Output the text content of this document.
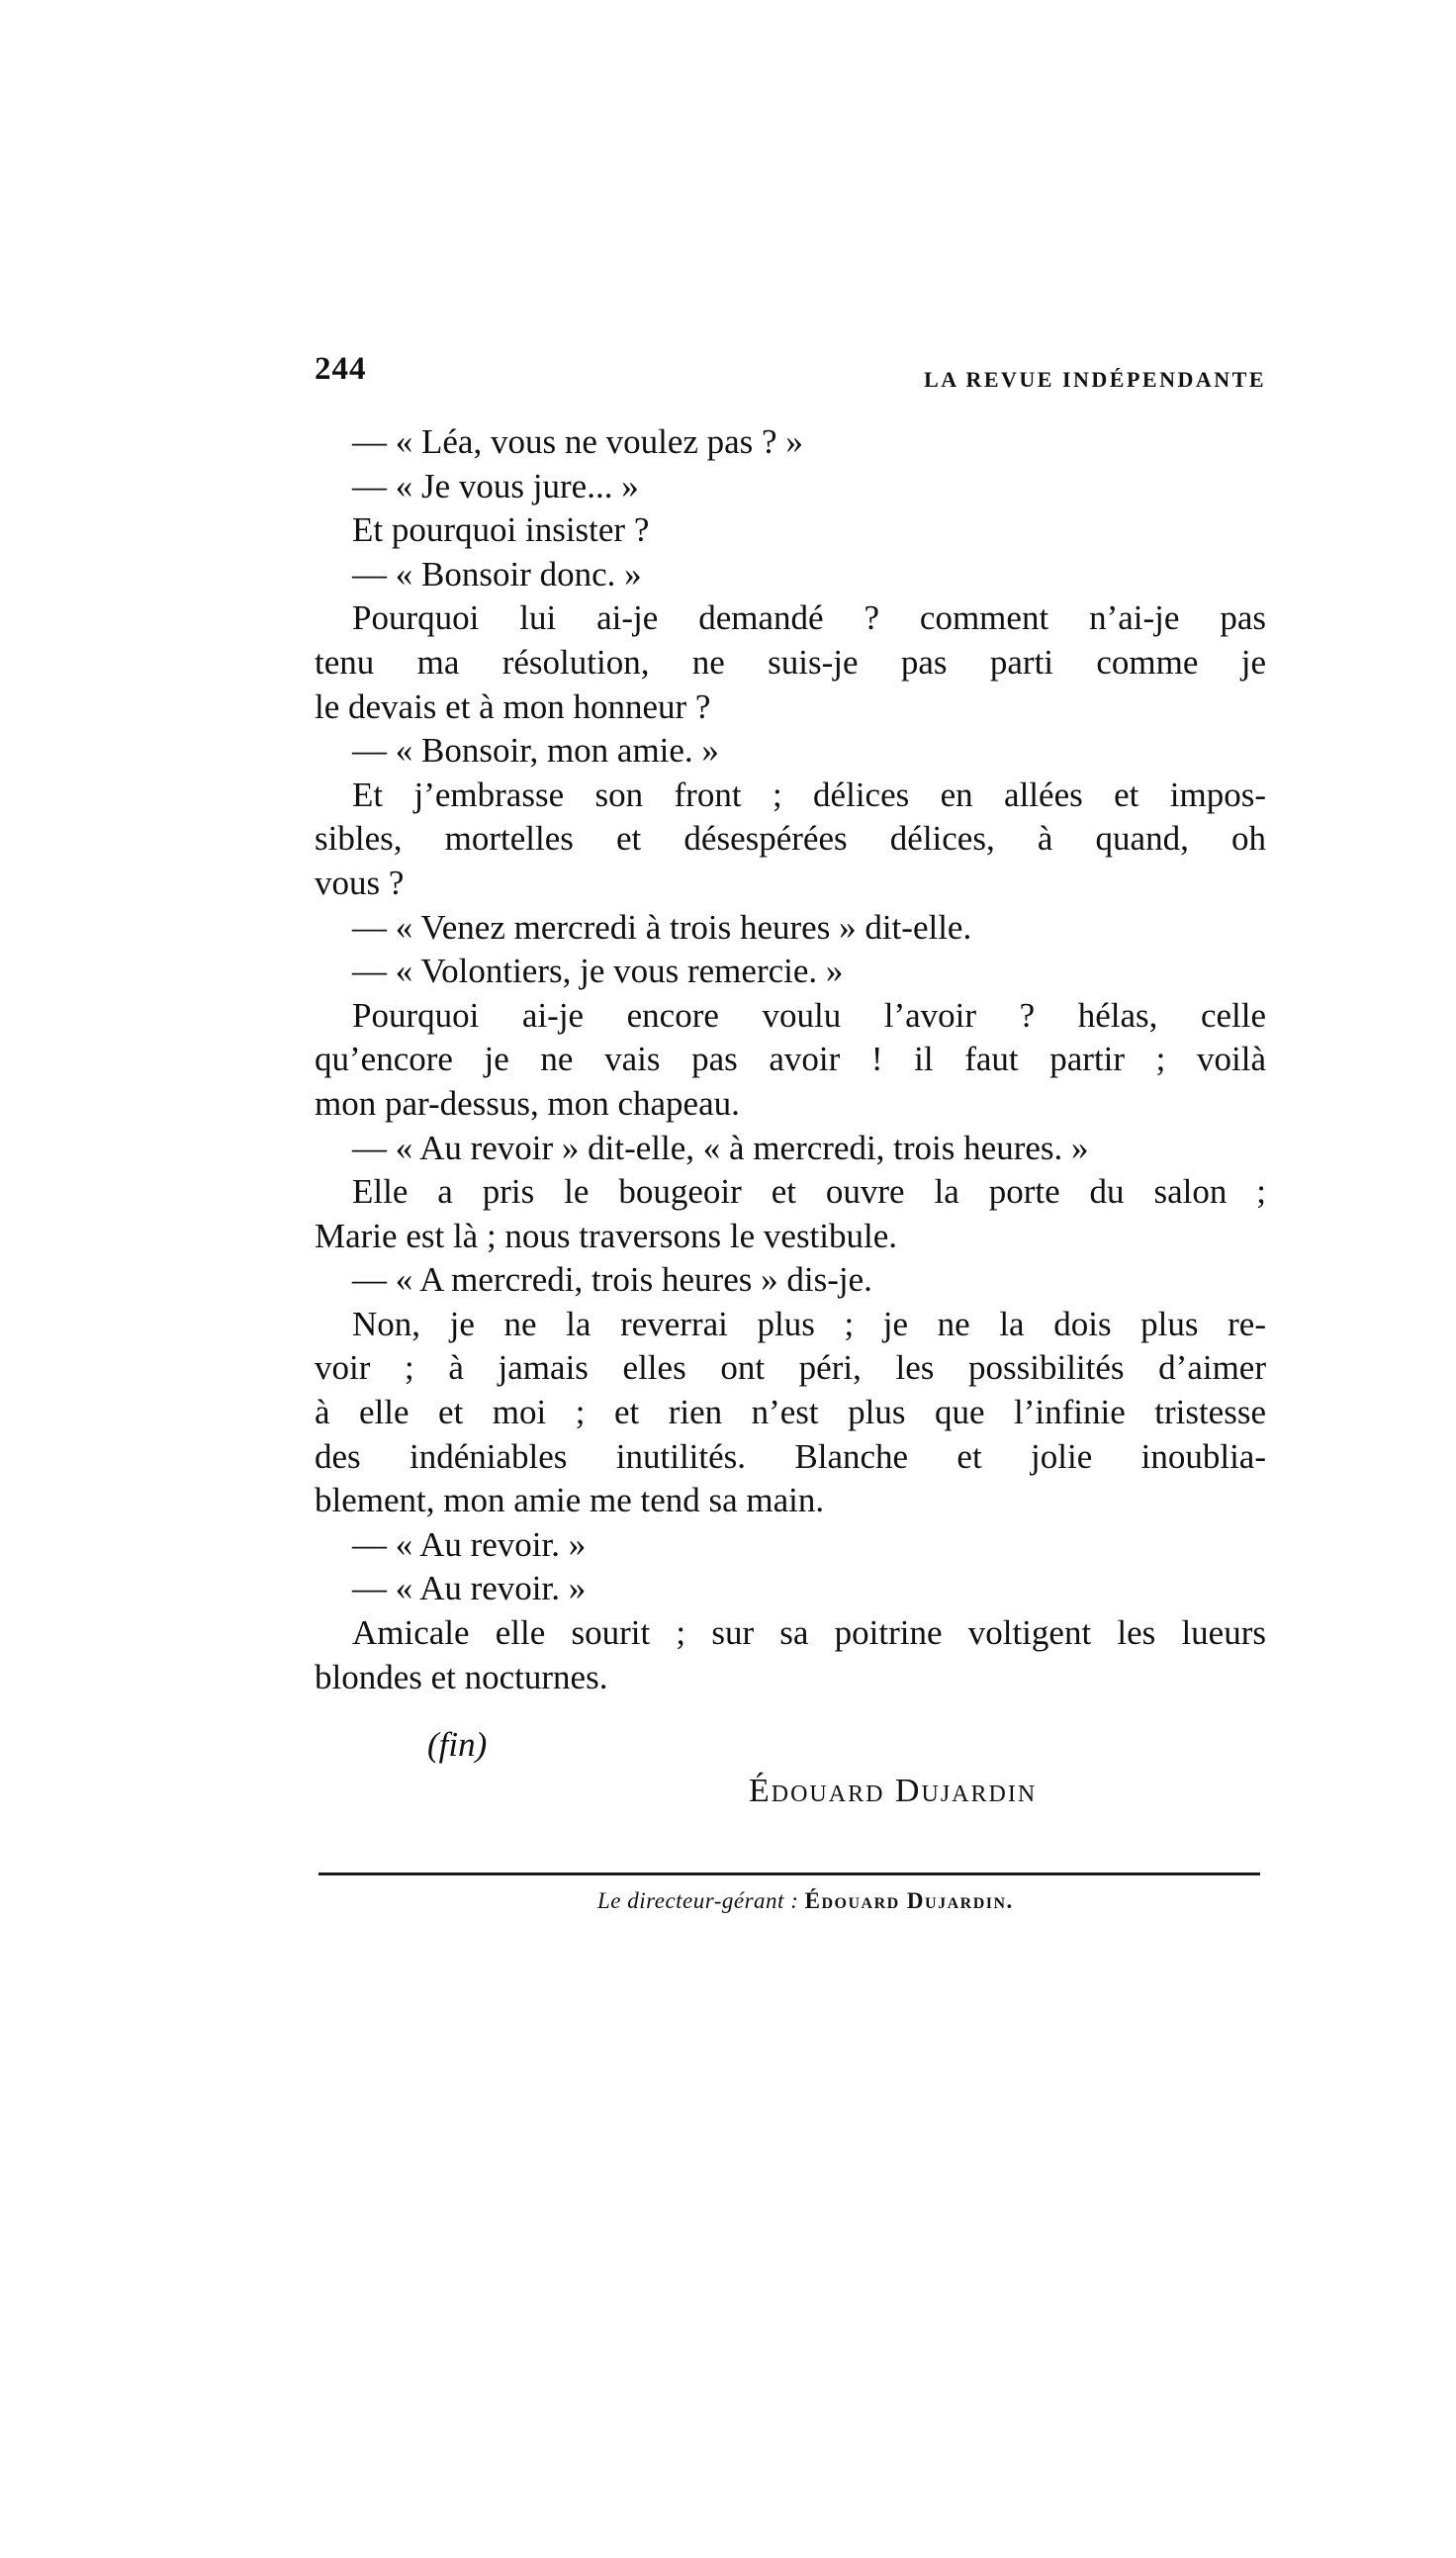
244	LA REVUE INDÉPENDANTE
— « Léa, vous ne voulez pas ? »
— « Je vous jure... »
Et pourquoi insister ?
— « Bonsoir donc. »
Pourquoi lui ai-je demandé ? comment n’ai-je pas
tenu ma résolution, ne suis-je pas parti comme je
le devais et à mon honneur ?
— « Bonsoir, mon amie. »
Et j’embrasse son front ; délices en allées et impos-
sibles, mortelles et désespérées délices, à quand, oh
vous ?
— « Venez mercredi à trois heures » dit-elle.
— « Volontiers, je vous remercie. »
Pourquoi ai-je encore voulu l’avoir ? hélas, celle
qu’encore je ne vais pas avoir ! il faut partir ; voilà
mon par-dessus, mon chapeau.
— « Au revoir » dit-elle, « à mercredi, trois heures. »
Elle a pris le bougeoir et ouvre la porte du salon ;
Marie est là ; nous traversons le vestibule.
— « A mercredi, trois heures » dis-je.
Non, je ne la reverrai plus ; je ne la dois plus re-
voir ; à jamais elles ont péri, les possibilités d’aimer
à elle et moi ; et rien n’est plus que l’infinie tristesse
des indéniables inutilités. Blanche et jolie inoublia-
blement, mon amie me tend sa main.
— « Au revoir. »
— « Au revoir. »
Amicale elle sourit ; sur sa poitrine voltigent les lueurs
blondes et nocturnes.
(fin)
Édouard Dujardin
Le directeur-gérant : Édouard Dujardin.
